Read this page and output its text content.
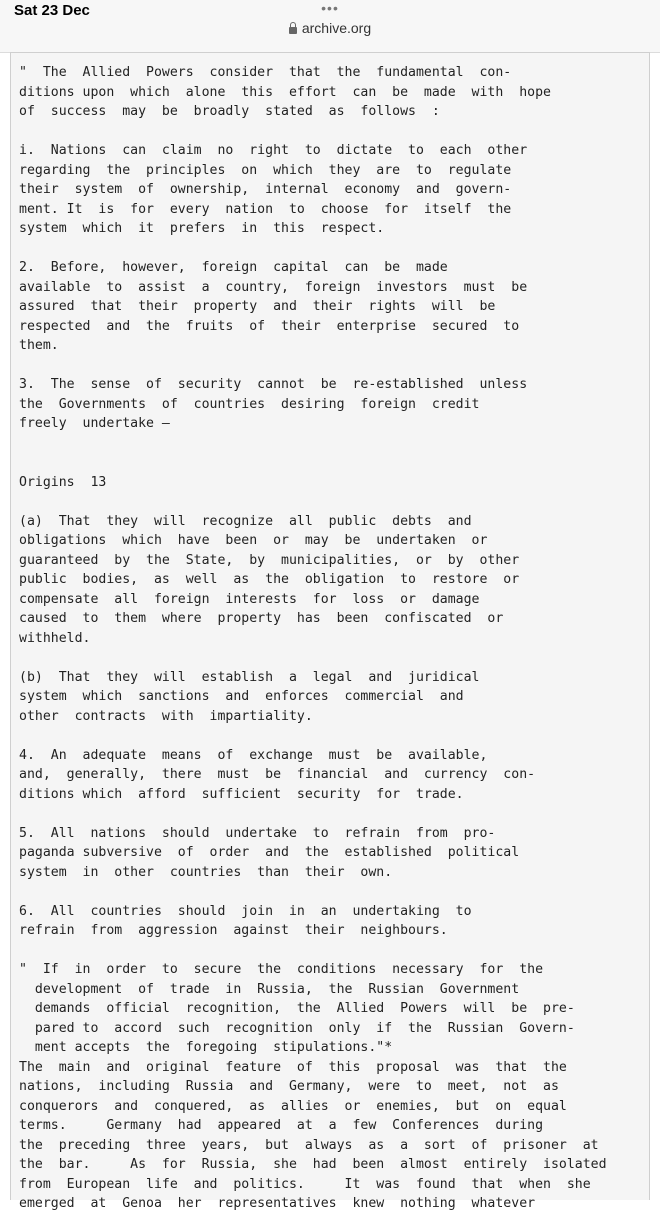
Sat 23 Dec	•••
archive.org
"  The  Allied  Powers  consider  that  the  fundamental  con-
ditions upon  which  alone  this  effort  can  be  made  with  hope
of  success  may  be  broadly  stated  as  follows  :

i.  Nations  can  claim  no  right  to  dictate  to  each  other
regarding  the  principles  on  which  they  are  to  regulate
their  system  of  ownership,  internal  economy  and  govern-
ment. It  is  for  every  nation  to  choose  for  itself  the
system  which  it  prefers  in  this  respect.

2.  Before,  however,  foreign  capital  can  be  made
available  to  assist  a  country,  foreign  investors  must  be
assured  that  their  property  and  their  rights  will  be
respected  and  the  fruits  of  their  enterprise  secured  to
them.

3.  The  sense  of  security  cannot  be  re-established  unless
the  Governments  of  countries  desiring  foreign  credit
freely  undertake —

Origins  13

(a)  That  they  will  recognize  all  public  debts  and
obligations  which  have  been  or  may  be  undertaken  or
guaranteed  by  the  State,  by  municipalities,  or  by  other
public  bodies,  as  well  as  the  obligation  to  restore  or
compensate  all  foreign  interests  for  loss  or  damage
caused  to  them  where  property  has  been  confiscated  or
withheld.

(b)  That  they  will  establish  a  legal  and  juridical
system  which  sanctions  and  enforces  commercial  and
other  contracts  with  impartiality.

4.  An  adequate  means  of  exchange  must  be  available,
and,  generally,  there  must  be  financial  and  currency  con-
ditions which  afford  sufficient  security  for  trade.

5.  All  nations  should  undertake  to  refrain  from  pro-
paganda subversive  of  order  and  the  established  political
system  in  other  countries  than  their  own.

6.  All  countries  should  join  in  an  undertaking  to
refrain  from  aggression  against  their  neighbours.

"  If  in  order  to  secure  the  conditions  necessary  for  the
development  of  trade  in  Russia,  the  Russian  Government
demands  official  recognition,  the  Allied  Powers  will  be  pre-
pared to  accord  such  recognition  only  if  the  Russian  Govern-
ment accepts  the  foregoing  stipulations."*
The  main  and  original  feature  of  this  proposal  was  that  the
nations,  including  Russia  and  Germany,  were  to  meet,  not  as
conquerors  and  conquered,  as  allies  or  enemies,  but  on  equal
terms.     Germany  had  appeared  at  a  few  Conferences  during
the  preceding  three  years,  but  always  as  a  sort  of  prisoner  at
the  bar.     As  for  Russia,  she  had  been  almost  entirely  isolated
from  European  life  and  politics.     It  was  found  that  when  she
emerged  at  Genoa  her  representatives  knew  nothing  whatever
